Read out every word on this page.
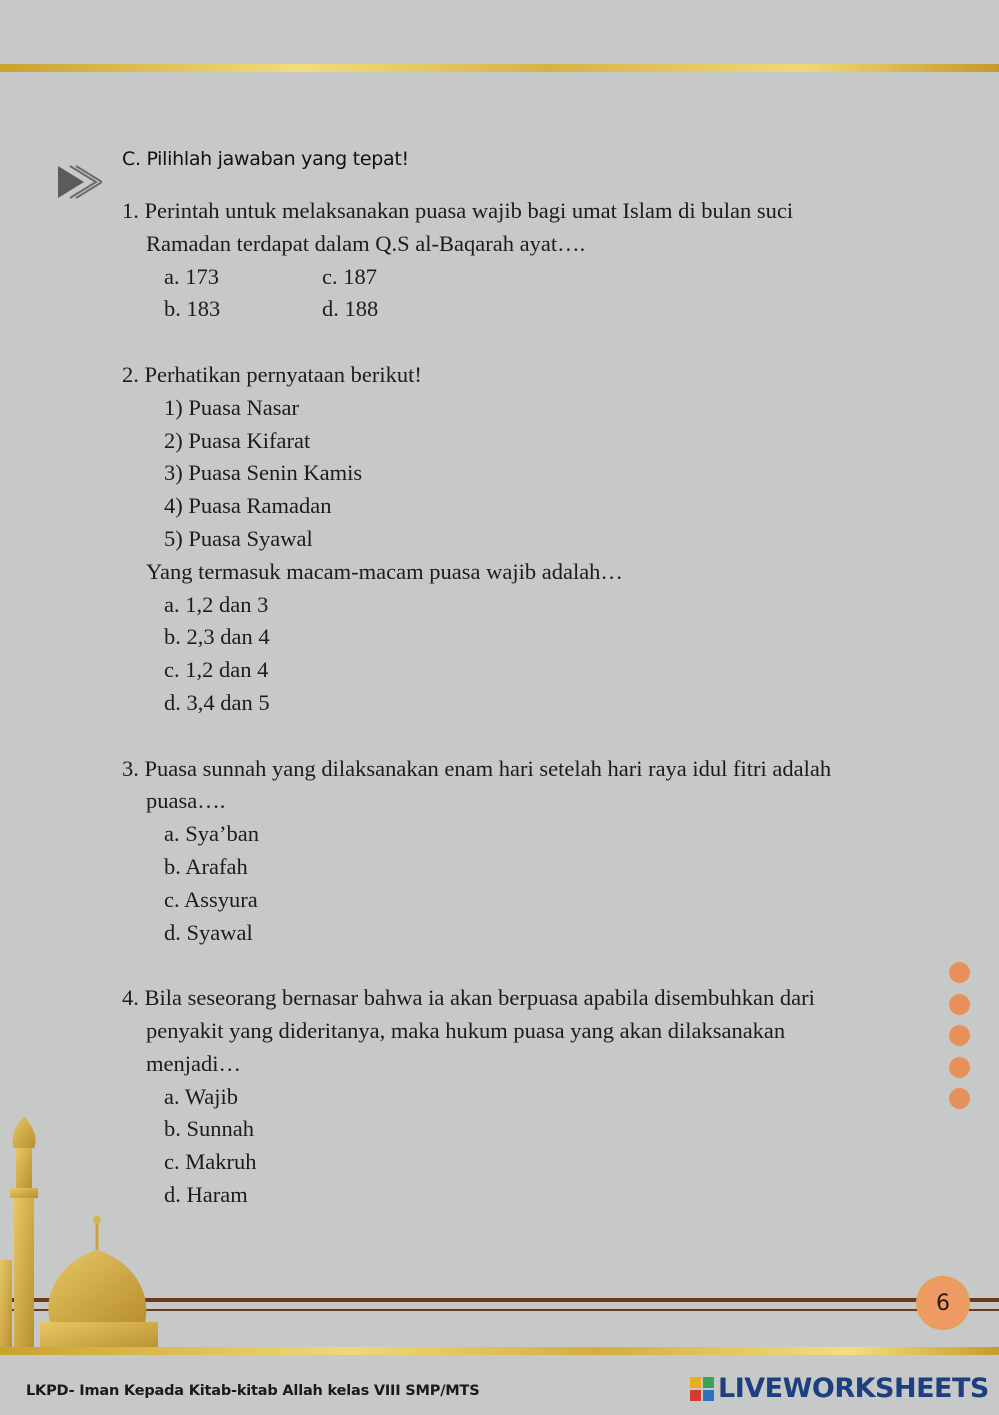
C. Pilihlah jawaban yang tepat!
1. Perintah untuk melaksanakan puasa wajib bagi umat Islam di bulan suci
Ramadan terdapat dalam Q.S al-Baqarah ayat….
a. 173	c. 187
b. 183	d. 188
2. Perhatikan pernyataan berikut!
1) Puasa Nasar
2) Puasa Kifarat
3) Puasa Senin Kamis
4) Puasa Ramadan
5) Puasa Syawal
Yang termasuk macam-macam puasa wajib adalah…
a. 1,2 dan 3
b. 2,3 dan 4
c. 1,2 dan 4
d. 3,4 dan 5
3. Puasa sunnah yang dilaksanakan enam hari setelah hari raya idul fitri adalah
puasa….
a. Sya’ban
b. Arafah
c. Assyura
d. Syawal
4. Bila seseorang bernasar bahwa ia akan berpuasa apabila disembuhkan dari
penyakit yang dideritanya, maka hukum puasa yang akan dilaksanakan
menjadi…
a. Wajib
b. Sunnah
c. Makruh
d. Haram
6
LKPD- Iman Kepada Kitab-kitab Allah kelas VIII SMP/MTS	LIVEWORKSHEETS
